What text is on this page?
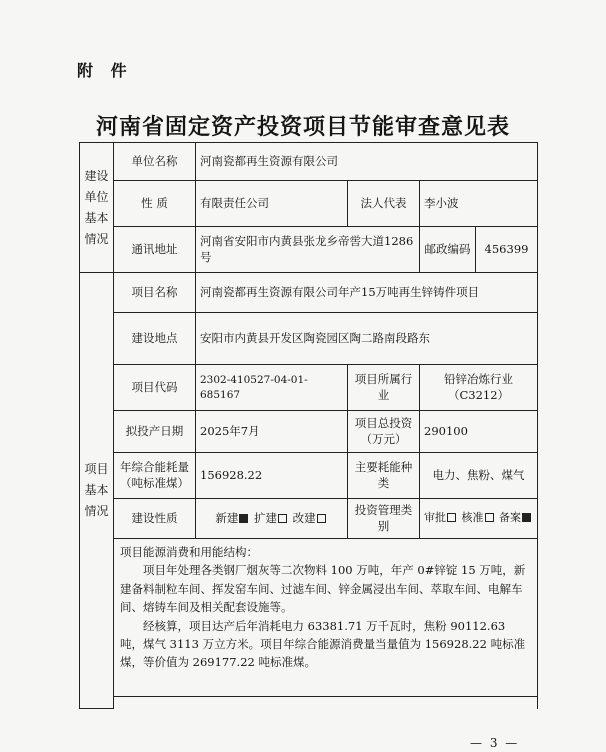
附 件
河南省固定资产投资项目节能审查意见表
建设单位基本情况	单位名称	河南瓷都再生资源有限公司			
	性 质	有限责任公司	法人代表	李小波	
	通讯地址	河南省安阳市内黄县张龙乡帝喾大道1286号		邮政编码	456399
项目基本情况	项目名称	河南瓷都再生资源有限公司年产15万吨再生锌铸件项目			
	建设地点	安阳市内黄县开发区陶瓷园区陶二路南段路东			
	项目代码	2302-410527-04-01-685167	项目所属行业	铅锌冶炼行业（C3212）	
	拟投产日期	2025年7月	项目总投资（万元）	290100	
	年综合能耗量（吨标准煤）	156928.22	主要耗能种类	电力、焦粉、煤气	
	建设性质	新建 扩建 改建	投资管理类别	审批 核准 备案	

	项目能源消费和用能结构：

项目年处理各类钢厂烟灰等二次物料 100 万吨，年产 0#锌锭 15 万吨，新建备料制粒车间、挥发窑车间、过滤车间、锌金属浸出车间、萃取车间、电解车间、熔铸车间及相关配套设施等。

经核算，项目达产后年消耗电力 63381.71 万千瓦时，焦粉 90112.63 吨，煤气 3113 万立方米。项目年综合能源消费量当量值为 156928.22 吨标准煤，等价值为 269177.22 吨标准煤。				

— 3 —
